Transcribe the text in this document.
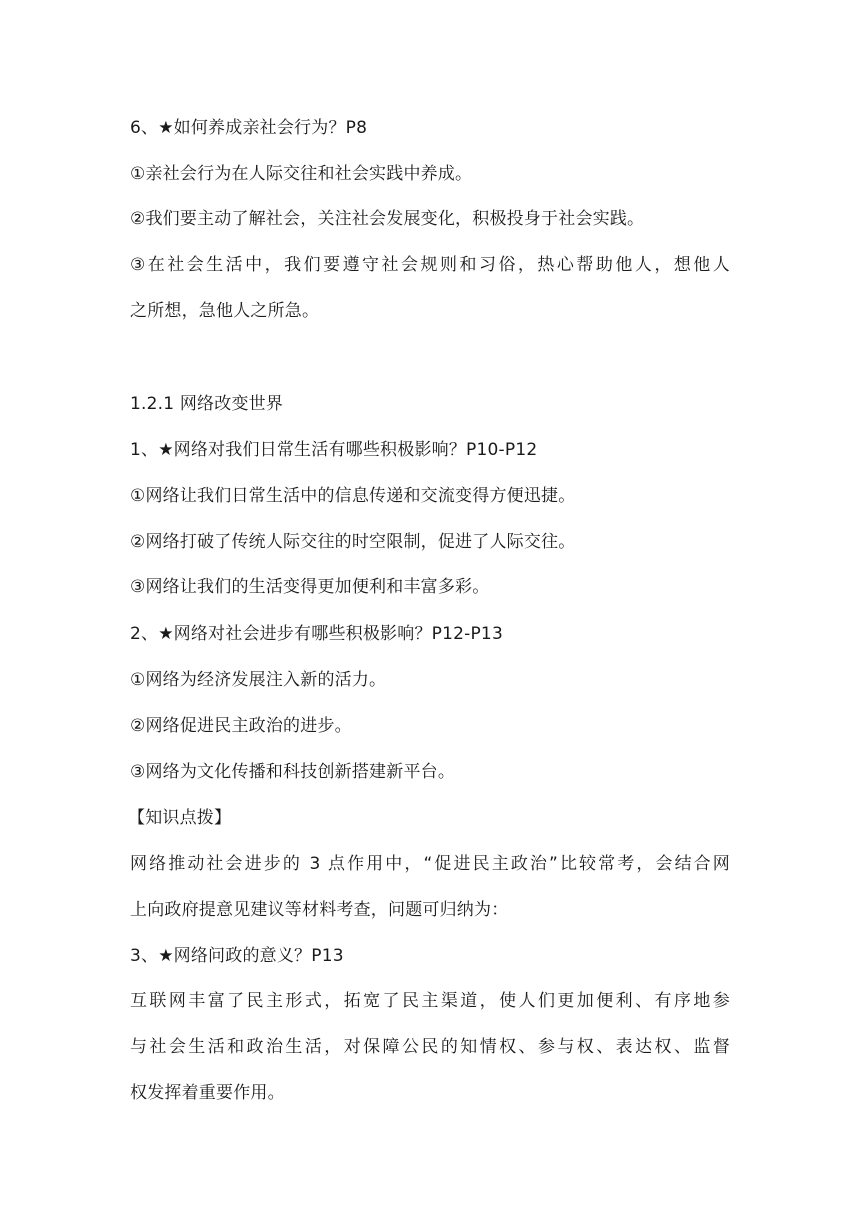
6、★如何养成亲社会行为？P8
①亲社会行为在人际交往和社会实践中养成。
②我们要主动了解社会，关注社会发展变化，积极投身于社会实践。
③在社会生活中，我们要遵守社会规则和习俗，热心帮助他人，想他人
之所想，急他人之所急。
1.2.1 网络改变世界
1、★网络对我们日常生活有哪些积极影响？P10-P12
①网络让我们日常生活中的信息传递和交流变得方便迅捷。
②网络打破了传统人际交往的时空限制，促进了人际交往。
③网络让我们的生活变得更加便利和丰富多彩。
2、★网络对社会进步有哪些积极影响？P12-P13
①网络为经济发展注入新的活力。
②网络促进民主政治的进步。
③网络为文化传播和科技创新搭建新平台。
【知识点拨】
网络推动社会进步的 3 点作用中，“促进民主政治”比较常考，会结合网
上向政府提意见建议等材料考查，问题可归纳为：
3、★网络问政的意义？P13
互联网丰富了民主形式，拓宽了民主渠道，使人们更加便利、有序地参
与社会生活和政治生活，对保障公民的知情权、参与权、表达权、监督
权发挥着重要作用。
